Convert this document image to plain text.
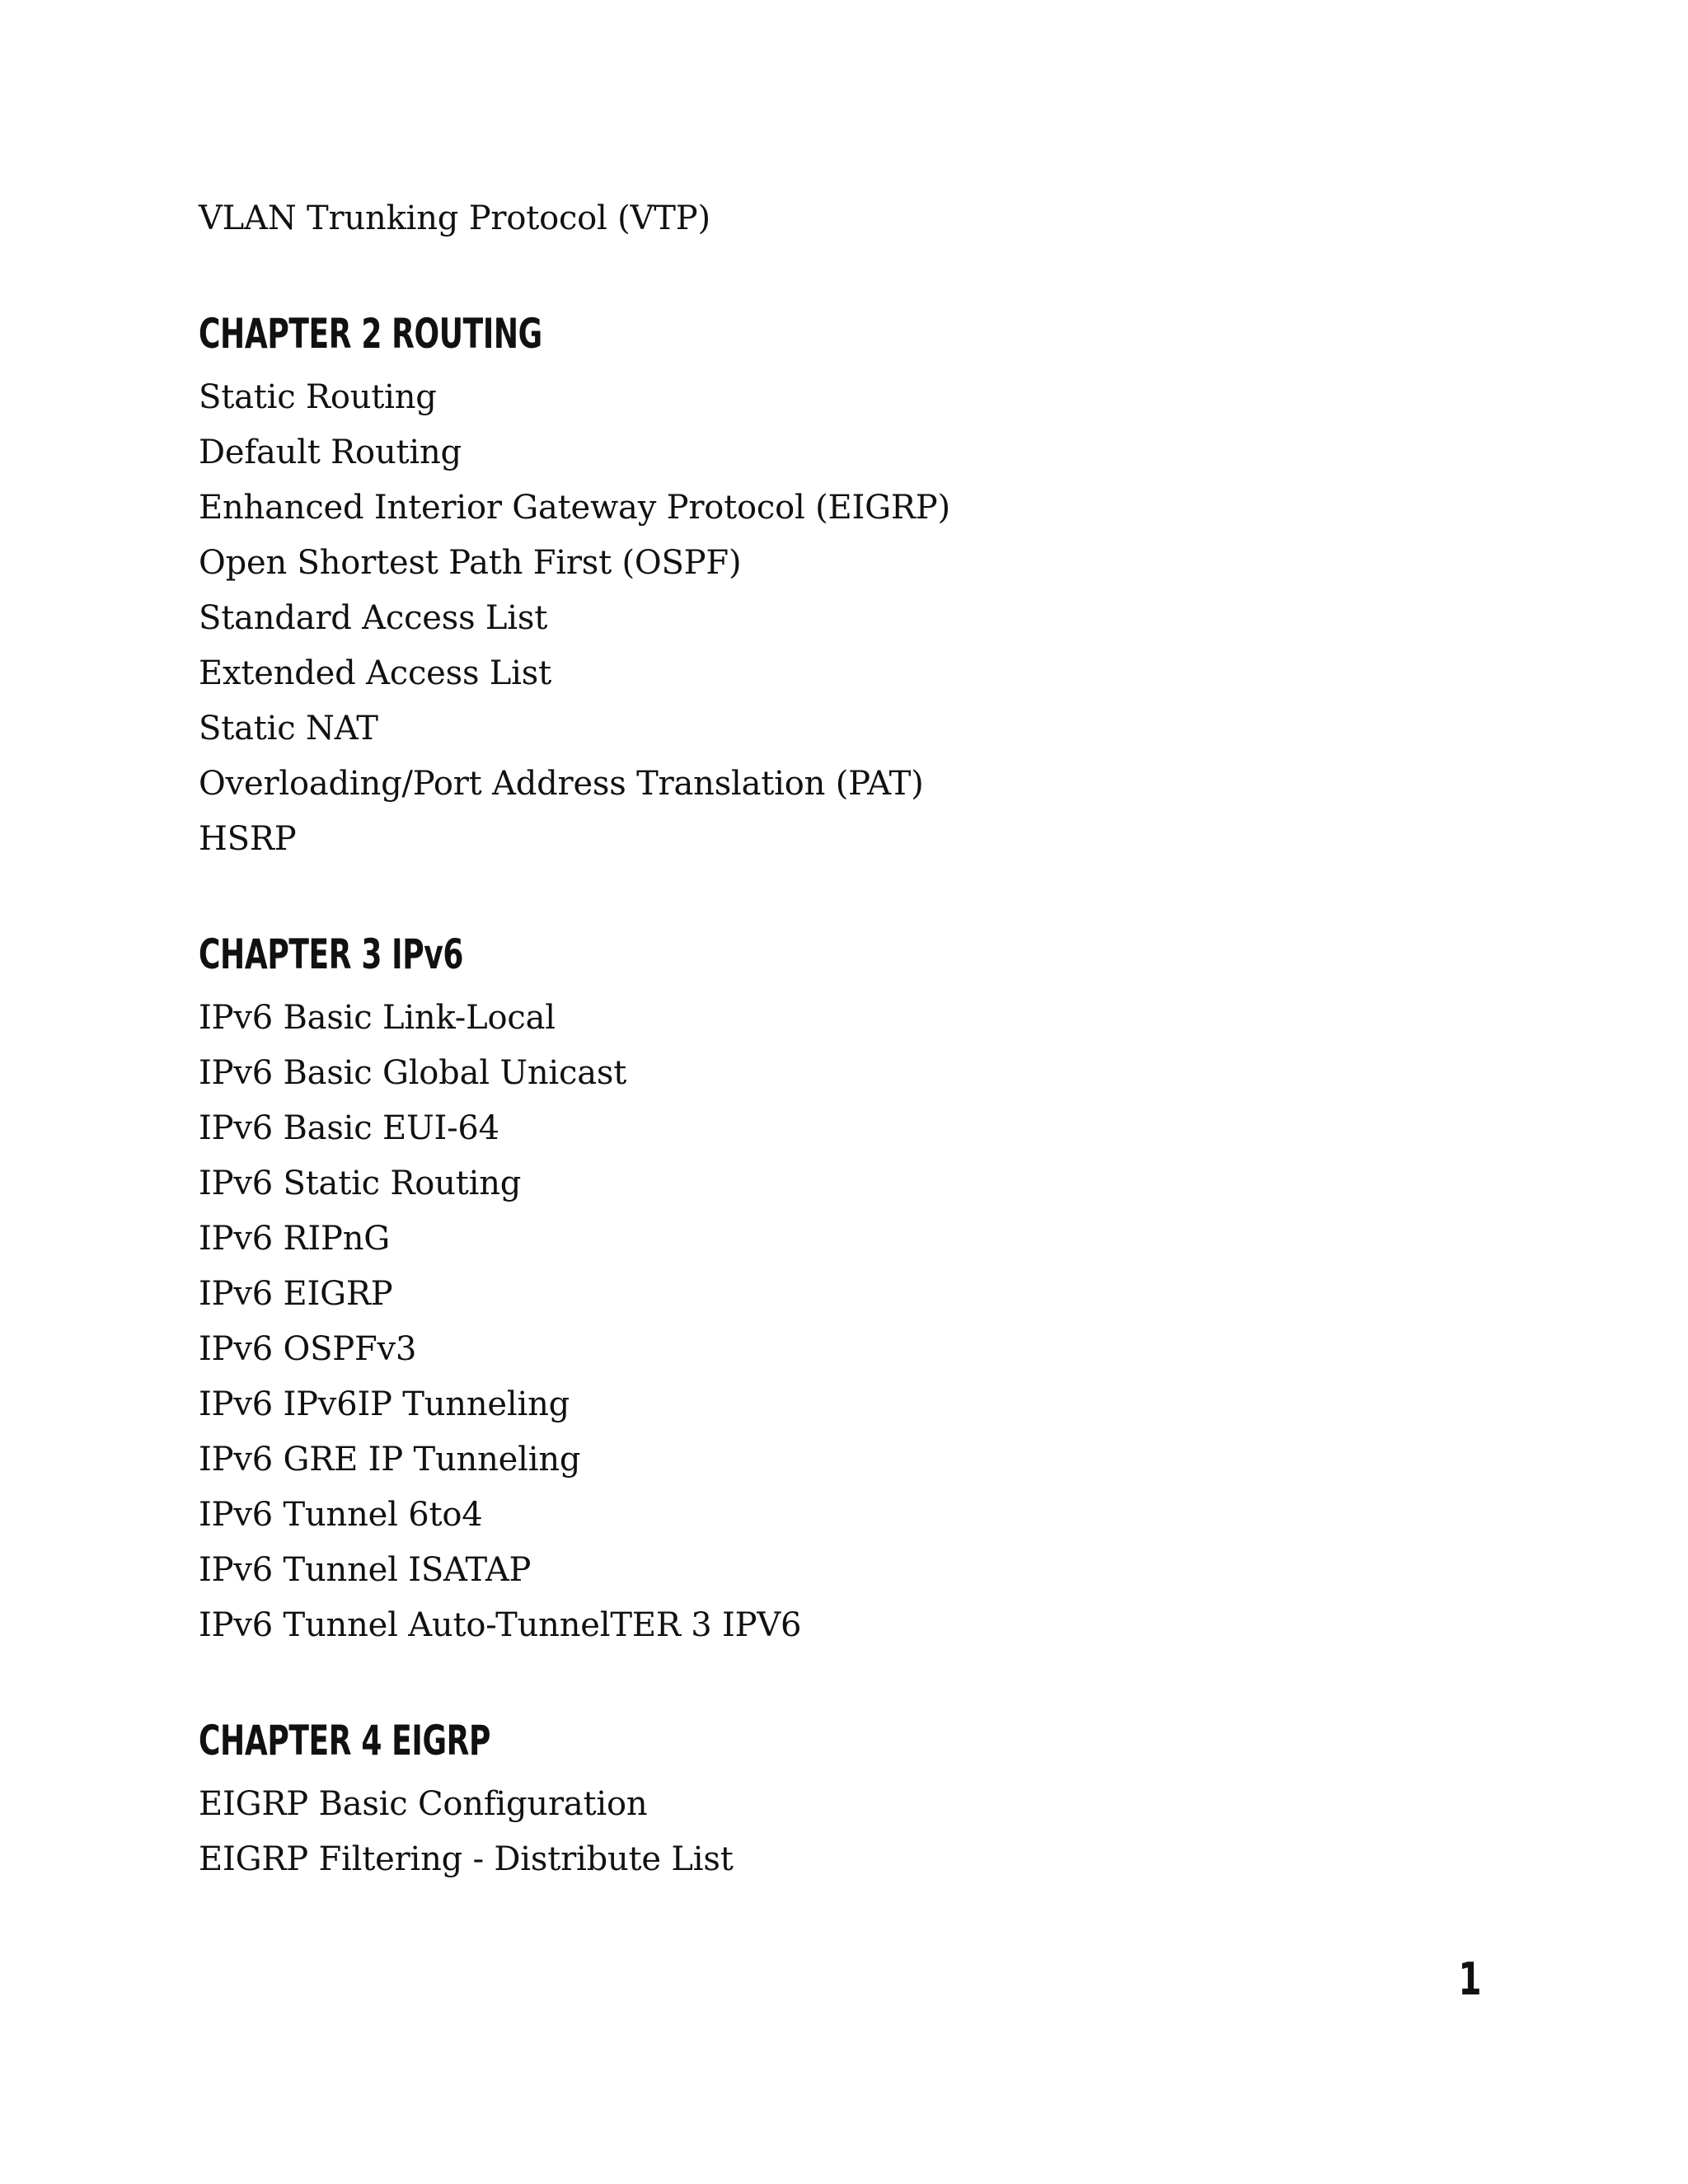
VLAN Trunking Protocol (VTP)
CHAPTER 2 ROUTING
Static Routing
Default Routing
Enhanced Interior Gateway Protocol (EIGRP)
Open Shortest Path First (OSPF)
Standard Access List
Extended Access List
Static NAT
Overloading/Port Address Translation (PAT)
HSRP
CHAPTER 3 IPv6
IPv6 Basic Link-Local
IPv6 Basic Global Unicast
IPv6 Basic EUI-64
IPv6 Static Routing
IPv6 RIPnG
IPv6 EIGRP
IPv6 OSPFv3
IPv6 IPv6IP Tunneling
IPv6 GRE IP Tunneling
IPv6 Tunnel 6to4
IPv6 Tunnel ISATAP
IPv6 Tunnel Auto-TunnelTER 3 IPV6
CHAPTER 4 EIGRP
EIGRP Basic Configuration
EIGRP Filtering - Distribute List
1
